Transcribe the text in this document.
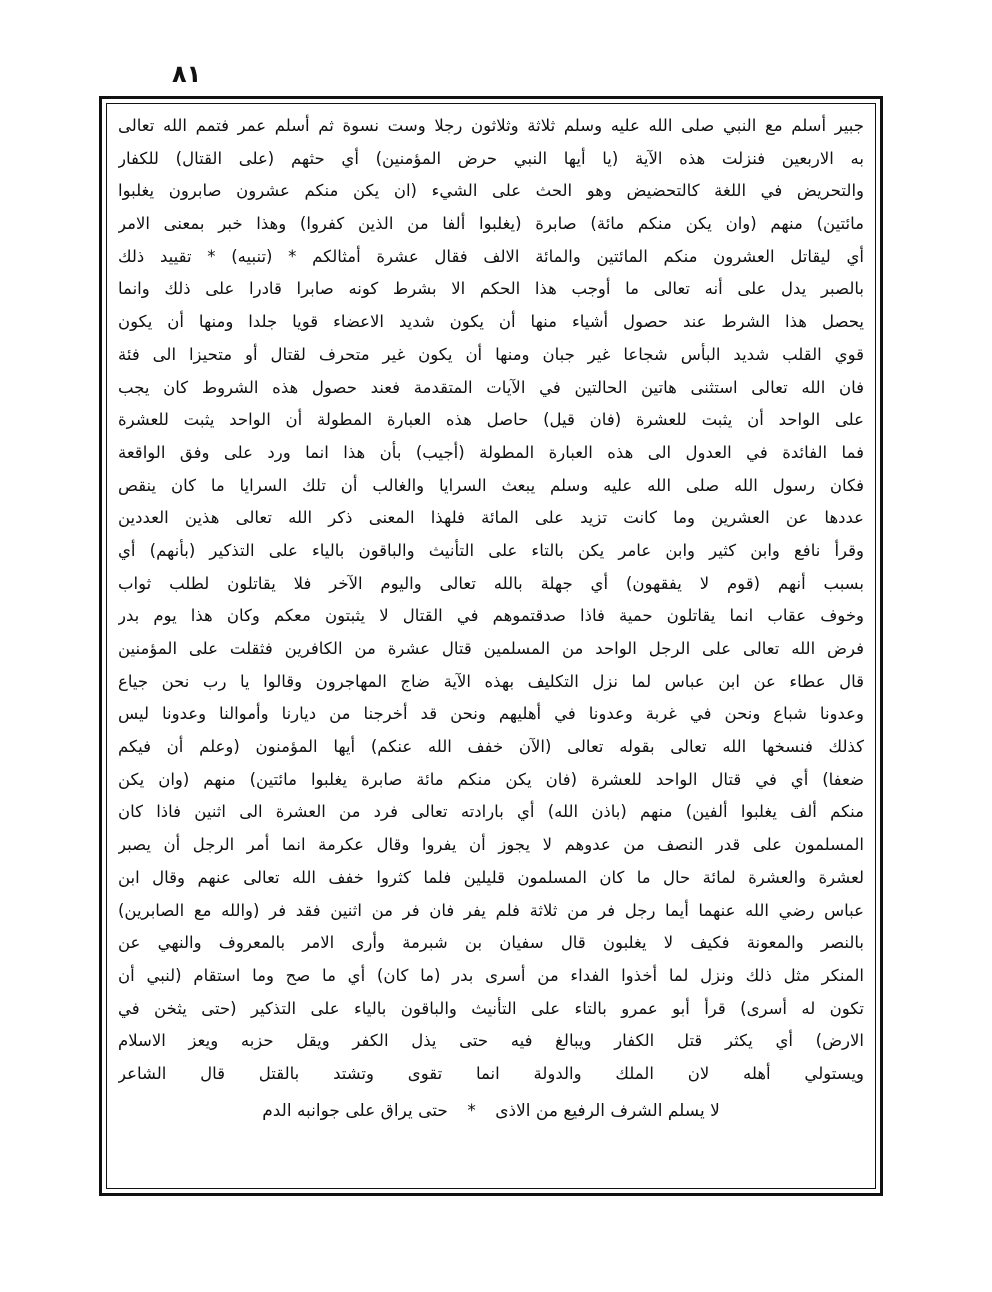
٨١
جبير أسلم مع النبي صلى الله عليه وسلم ثلاثة وثلاثون رجلا وست نسوة ثم أسلم عمر فتمم الله تعالى
به الاربعين فنزلت هذه الآية (يا أيها النبي حرض المؤمنين) أي حثهم (على القتال) للكفار
والتحريض في اللغة كالتحضيض وهو الحث على الشيء (ان يكن منكم عشرون صابرون يغلبوا
مائتين) منهم (وان يكن منكم مائة) صابرة (يغلبوا ألفا من الذين كفروا) وهذا خبر بمعنى الامر
أي ليقاتل العشرون منكم المائتين والمائة الالف فقال عشرة أمثالكم * (تنبيه) * تقييد ذلك
بالصبر يدل على أنه تعالى ما أوجب هذا الحكم الا بشرط كونه صابرا قادرا على ذلك وانما
يحصل هذا الشرط عند حصول أشياء منها أن يكون شديد الاعضاء قويا جلدا ومنها أن يكون
قوي القلب شديد البأس شجاعا غير جبان ومنها أن يكون غير متحرف لقتال أو متحيزا الى فئة
فان الله تعالى استثنى هاتين الحالتين في الآيات المتقدمة فعند حصول هذه الشروط كان يجب
على الواحد أن يثبت للعشرة (فان قيل) حاصل هذه العبارة المطولة أن الواحد يثبت للعشرة
فما الفائدة في العدول الى هذه العبارة المطولة (أجيب) بأن هذا انما ورد على وفق الواقعة
فكان رسول الله صلى الله عليه وسلم يبعث السرايا والغالب أن تلك السرايا ما كان ينقص
عددها عن العشرين وما كانت تزيد على المائة فلهذا المعنى ذكر الله تعالى هذين العددين
وقرأ نافع وابن كثير وابن عامر يكن بالتاء على التأنيث والباقون بالياء على التذكير (بأنهم) أي
بسبب أنهم (قوم لا يفقهون) أي جهلة بالله تعالى واليوم الآخر فلا يقاتلون لطلب ثواب
وخوف عقاب انما يقاتلون حمية فاذا صدقتموهم في القتال لا يثبتون معكم وكان هذا يوم بدر
فرض الله تعالى على الرجل الواحد من المسلمين قتال عشرة من الكافرين فثقلت على المؤمنين
قال عطاء عن ابن عباس لما نزل التكليف بهذه الآية ضاج المهاجرون وقالوا يا رب نحن جياع
وعدونا شباع ونحن في غربة وعدونا في أهليهم ونحن قد أخرجنا من ديارنا وأموالنا وعدونا ليس
كذلك فنسخها الله تعالى بقوله تعالى (الآن خفف الله عنكم) أيها المؤمنون (وعلم أن فيكم
ضعفا) أي في قتال الواحد للعشرة (فان يكن منكم مائة صابرة يغلبوا مائتين) منهم (وان يكن
منكم ألف يغلبوا ألفين) منهم (باذن الله) أي بارادته تعالى فرد من العشرة الى اثنين فاذا كان
المسلمون على قدر النصف من عدوهم لا يجوز أن يفروا وقال عكرمة انما أمر الرجل أن يصبر
لعشرة والعشرة لمائة حال ما كان المسلمون قليلين فلما كثروا خفف الله تعالى عنهم وقال ابن
عباس رضي الله عنهما أيما رجل فر من ثلاثة فلم يفر فان فر من اثنين فقد فر (والله مع الصابرين)
بالنصر والمعونة فكيف لا يغلبون قال سفيان بن شبرمة وأرى الامر بالمعروف والنهي عن
المنكر مثل ذلك ونزل لما أخذوا الفداء من أسرى بدر (ما كان) أي ما صح وما استقام (لنبي أن
تكون له أسرى) قرأ أبو عمرو بالتاء على التأنيث والباقون بالياء على التذكير (حتى يثخن في
الارض) أي يكثر قتل الكفار ويبالغ فيه حتى يذل الكفر ويقل حزبه ويعز الاسلام
ويستولي أهله لان الملك والدولة انما تقوى وتشتد بالقتل قال الشاعر
لا يسلم الشرف الرفيع من الاذى * حتى يراق على جوانبه الدم
